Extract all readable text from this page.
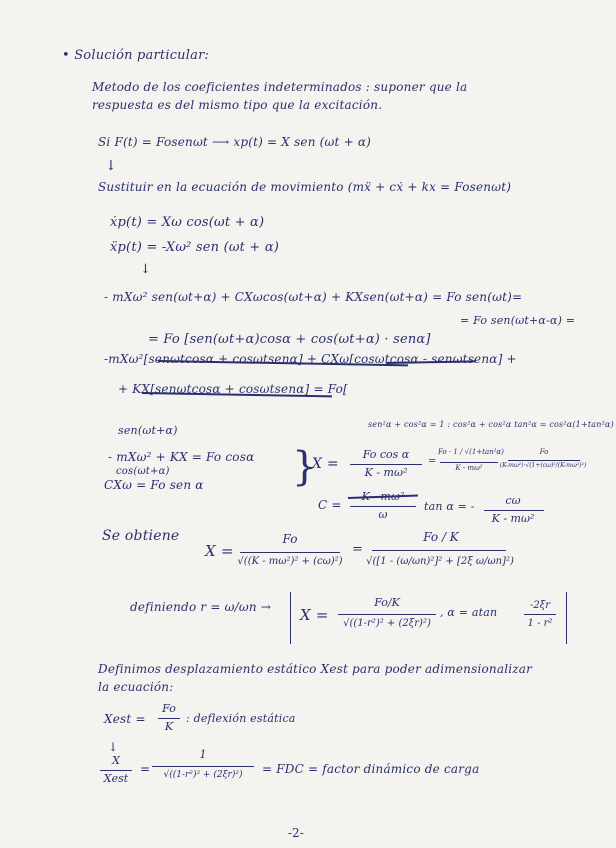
• Solución particular:
Metodo de los coeficientes indeterminados : suponer que la
respuesta es del mismo tipo que la excitación.
Si F(t) = Fosenωt ⟶ xp(t) = X sen (ωt + α)
↓
Sustituir en la ecuación de movimiento (mẍ + cẋ + kx = Fosenωt)
ẋp(t) = Xω cos(ωt + α)
ẍp(t) = -Xω² sen (ωt + α)
↓
- mXω² sen(ωt+α) + CXωcos(ωt+α) + KXsen(ωt+α) = Fo sen(ωt)=
= Fo sen(ωt+α-α) =
= Fo [sen(ωt+α)cosα + cos(ωt+α) · senα]
-mXω²[senωtcosα + cosωtsenα] + CXω[cosωtcosα - senωtsenα] +
+ KX[senωtcosα + cosωtsenα] = Fo[
sen(ωt+α)	sen²α + cos²α = 1 : cos²α + cos²α tan²α = cos²α(1+tan²α)
- mXω² + KX = Fo cosα
cos(ωt+α)
CXω = Fo sen α }
X =
Fo cos α
K - mω²
=
Fo · 1 / √(1+tan²α)
K - mω²
Fo
(K-mω²)·√(1+(cω)²/(K-mω²)²)
C =
K - mω²
ω
tan α = -	cω
K - mω²
Se obtiene
X =
Fo
√((K - mω²)² + (cω)²)
=
Fo / K
√([1 - (ω/ωn)²]² + [2ξ ω/ωn]²)
definiendo r = ω/ωn → X =
Fo/K
√((1-r²)² + (2ξr)²)
, α = atan
-2ξr
1 - r²
Definimos desplazamiento estático Xest para poder adimensionalizar
la ecuación:
Xest =
Fo
K
: deflexión estática
↓
X
Xest
=
1
√((1-r²)² + (2ξr)²)	= FDC = factor dinámico de carga
-2-
